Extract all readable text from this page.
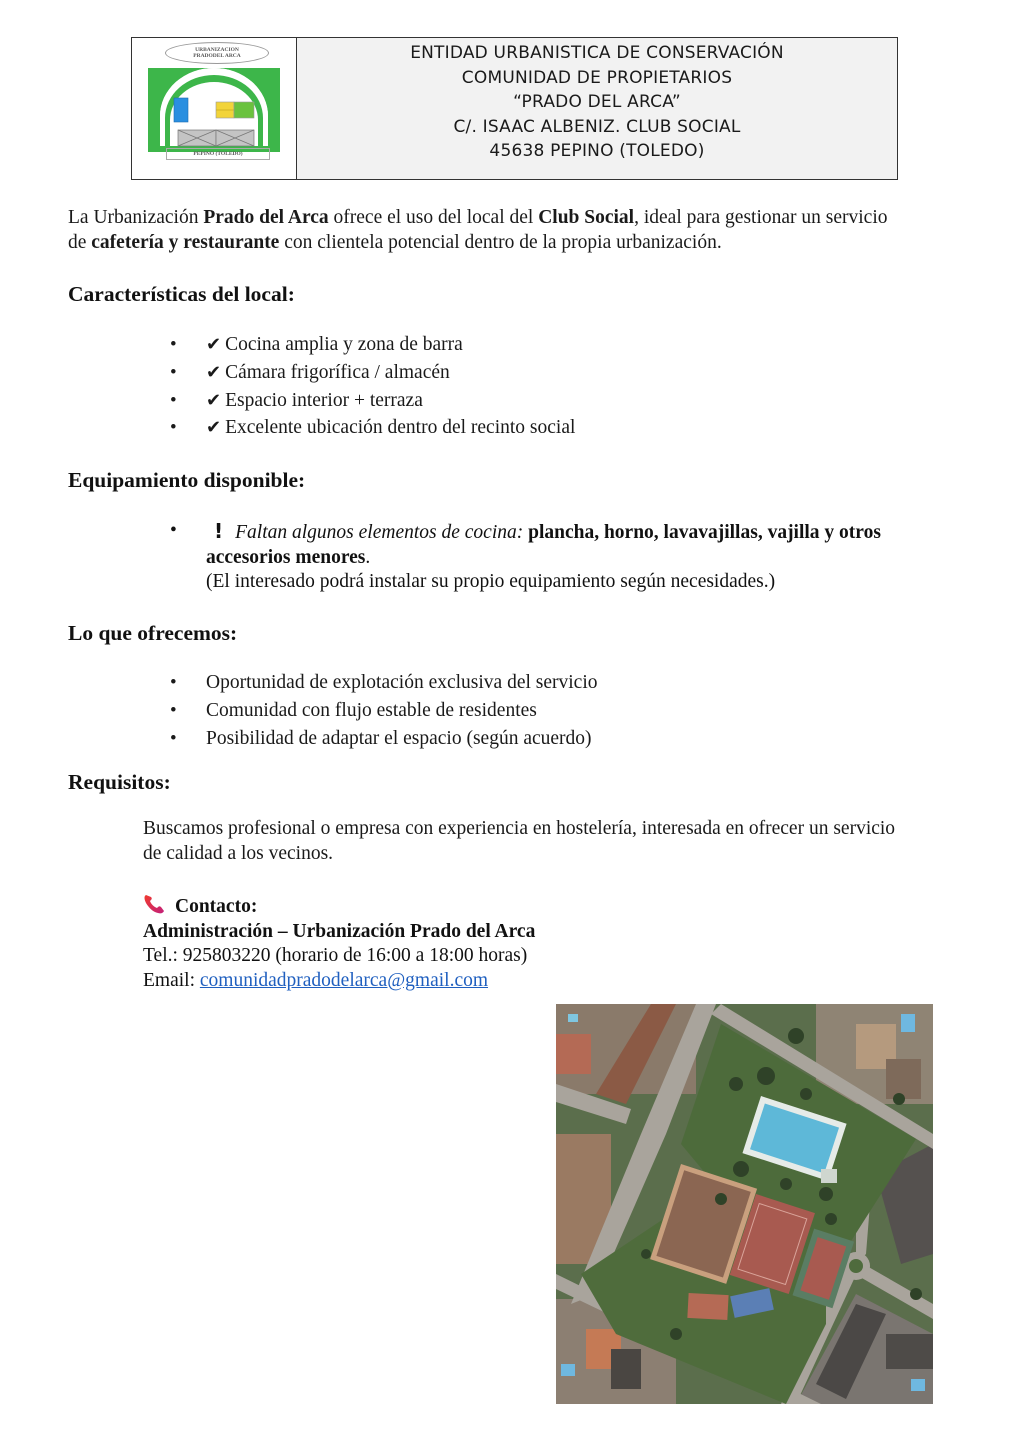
URBANIZACION
PRADODEL ARCA
PEPINO (TOLEDO)
ENTIDAD URBANISTICA DE CONSERVACIÓN
COMUNIDAD DE PROPIETARIOS
“PRADO DEL ARCA”
C/. ISAAC ALBENIZ. CLUB SOCIAL
45638 PEPINO (TOLEDO)

La Urbanización Prado del Arca ofrece el uso del local del Club Social, ideal para gestionar un servicio de cafetería y restaurante con clientela potencial dentro de la propia urbanización.

Características del local:
• ✔ Cocina amplia y zona de barra
• ✔ Cámara frigorífica / almacén
• ✔ Espacio interior + terraza
• ✔ Excelente ubicación dentro del recinto social
Equipamiento disponible:
• ! Faltan algunos elementos de cocina: plancha, horno, lavavajillas, vajilla y otros accesorios menores.
(El interesado podrá instalar su propio equipamiento según necesidades.)
Lo que ofrecemos:
• Oportunidad de explotación exclusiva del servicio
• Comunidad con flujo estable de residentes
• Posibilidad de adaptar el espacio (según acuerdo)
Requisitos:

Buscamos profesional o empresa con experiencia en hostelería, interesada en ofrecer un servicio de calidad a los vecinos.

Contacto:
Administración – Urbanización Prado del Arca
Tel.: 925803220 (horario de 16:00 a 18:00 horas)
Email: comunidadpradodelarca@gmail.com
